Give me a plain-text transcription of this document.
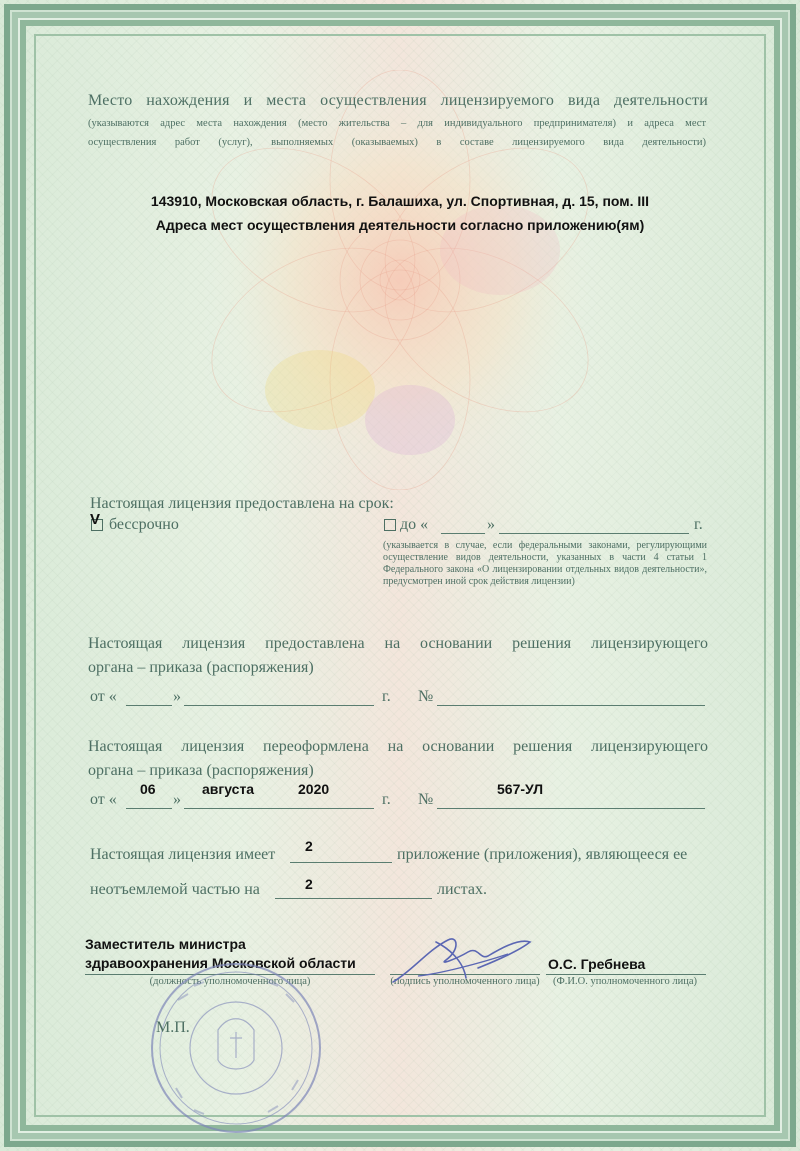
Место нахождения и места осуществления лицензируемого вида деятельности
(указываются адрес места нахождения (место жительства – для индивидуального предпринимателя) и адреса мест
осуществления работ (услуг), выполняемых (оказываемых) в составе лицензируемого вида деятельности)
143910, Московская область, г. Балашиха, ул. Спортивная, д. 15, пом. III
Адреса мест осуществления деятельности согласно приложению(ям)
Настоящая лицензия предоставлена на срок:
V бессрочно	до «	»	г.
(указывается в случае, если федеральными законами, регулирующими осуществление видов деятельности, указанных в части 4 статьи 1 Федерального закона «О лицензировании отдельных видов деятельности», предусмотрен иной срок действия лицензии)
Настоящая лицензия предоставлена на основании решения лицензирующего
органа – приказа (распоряжения)
от «	»	г. №
Настоящая лицензия переоформлена на основании решения лицензирующего
органа – приказа (распоряжения)
от «
06
»
августа	2020
г. №
567-УЛ
Настоящая лицензия имеет 2	приложение (приложения), являющееся ее
неотъемлемой частью на	2	листах.
Заместитель министра
здравоохранения Московской области
(должность уполномоченного лица)	(подпись уполномоченного лица)
О.С. Гребнева
(Ф.И.О. уполномоченного лица)
М.П.
